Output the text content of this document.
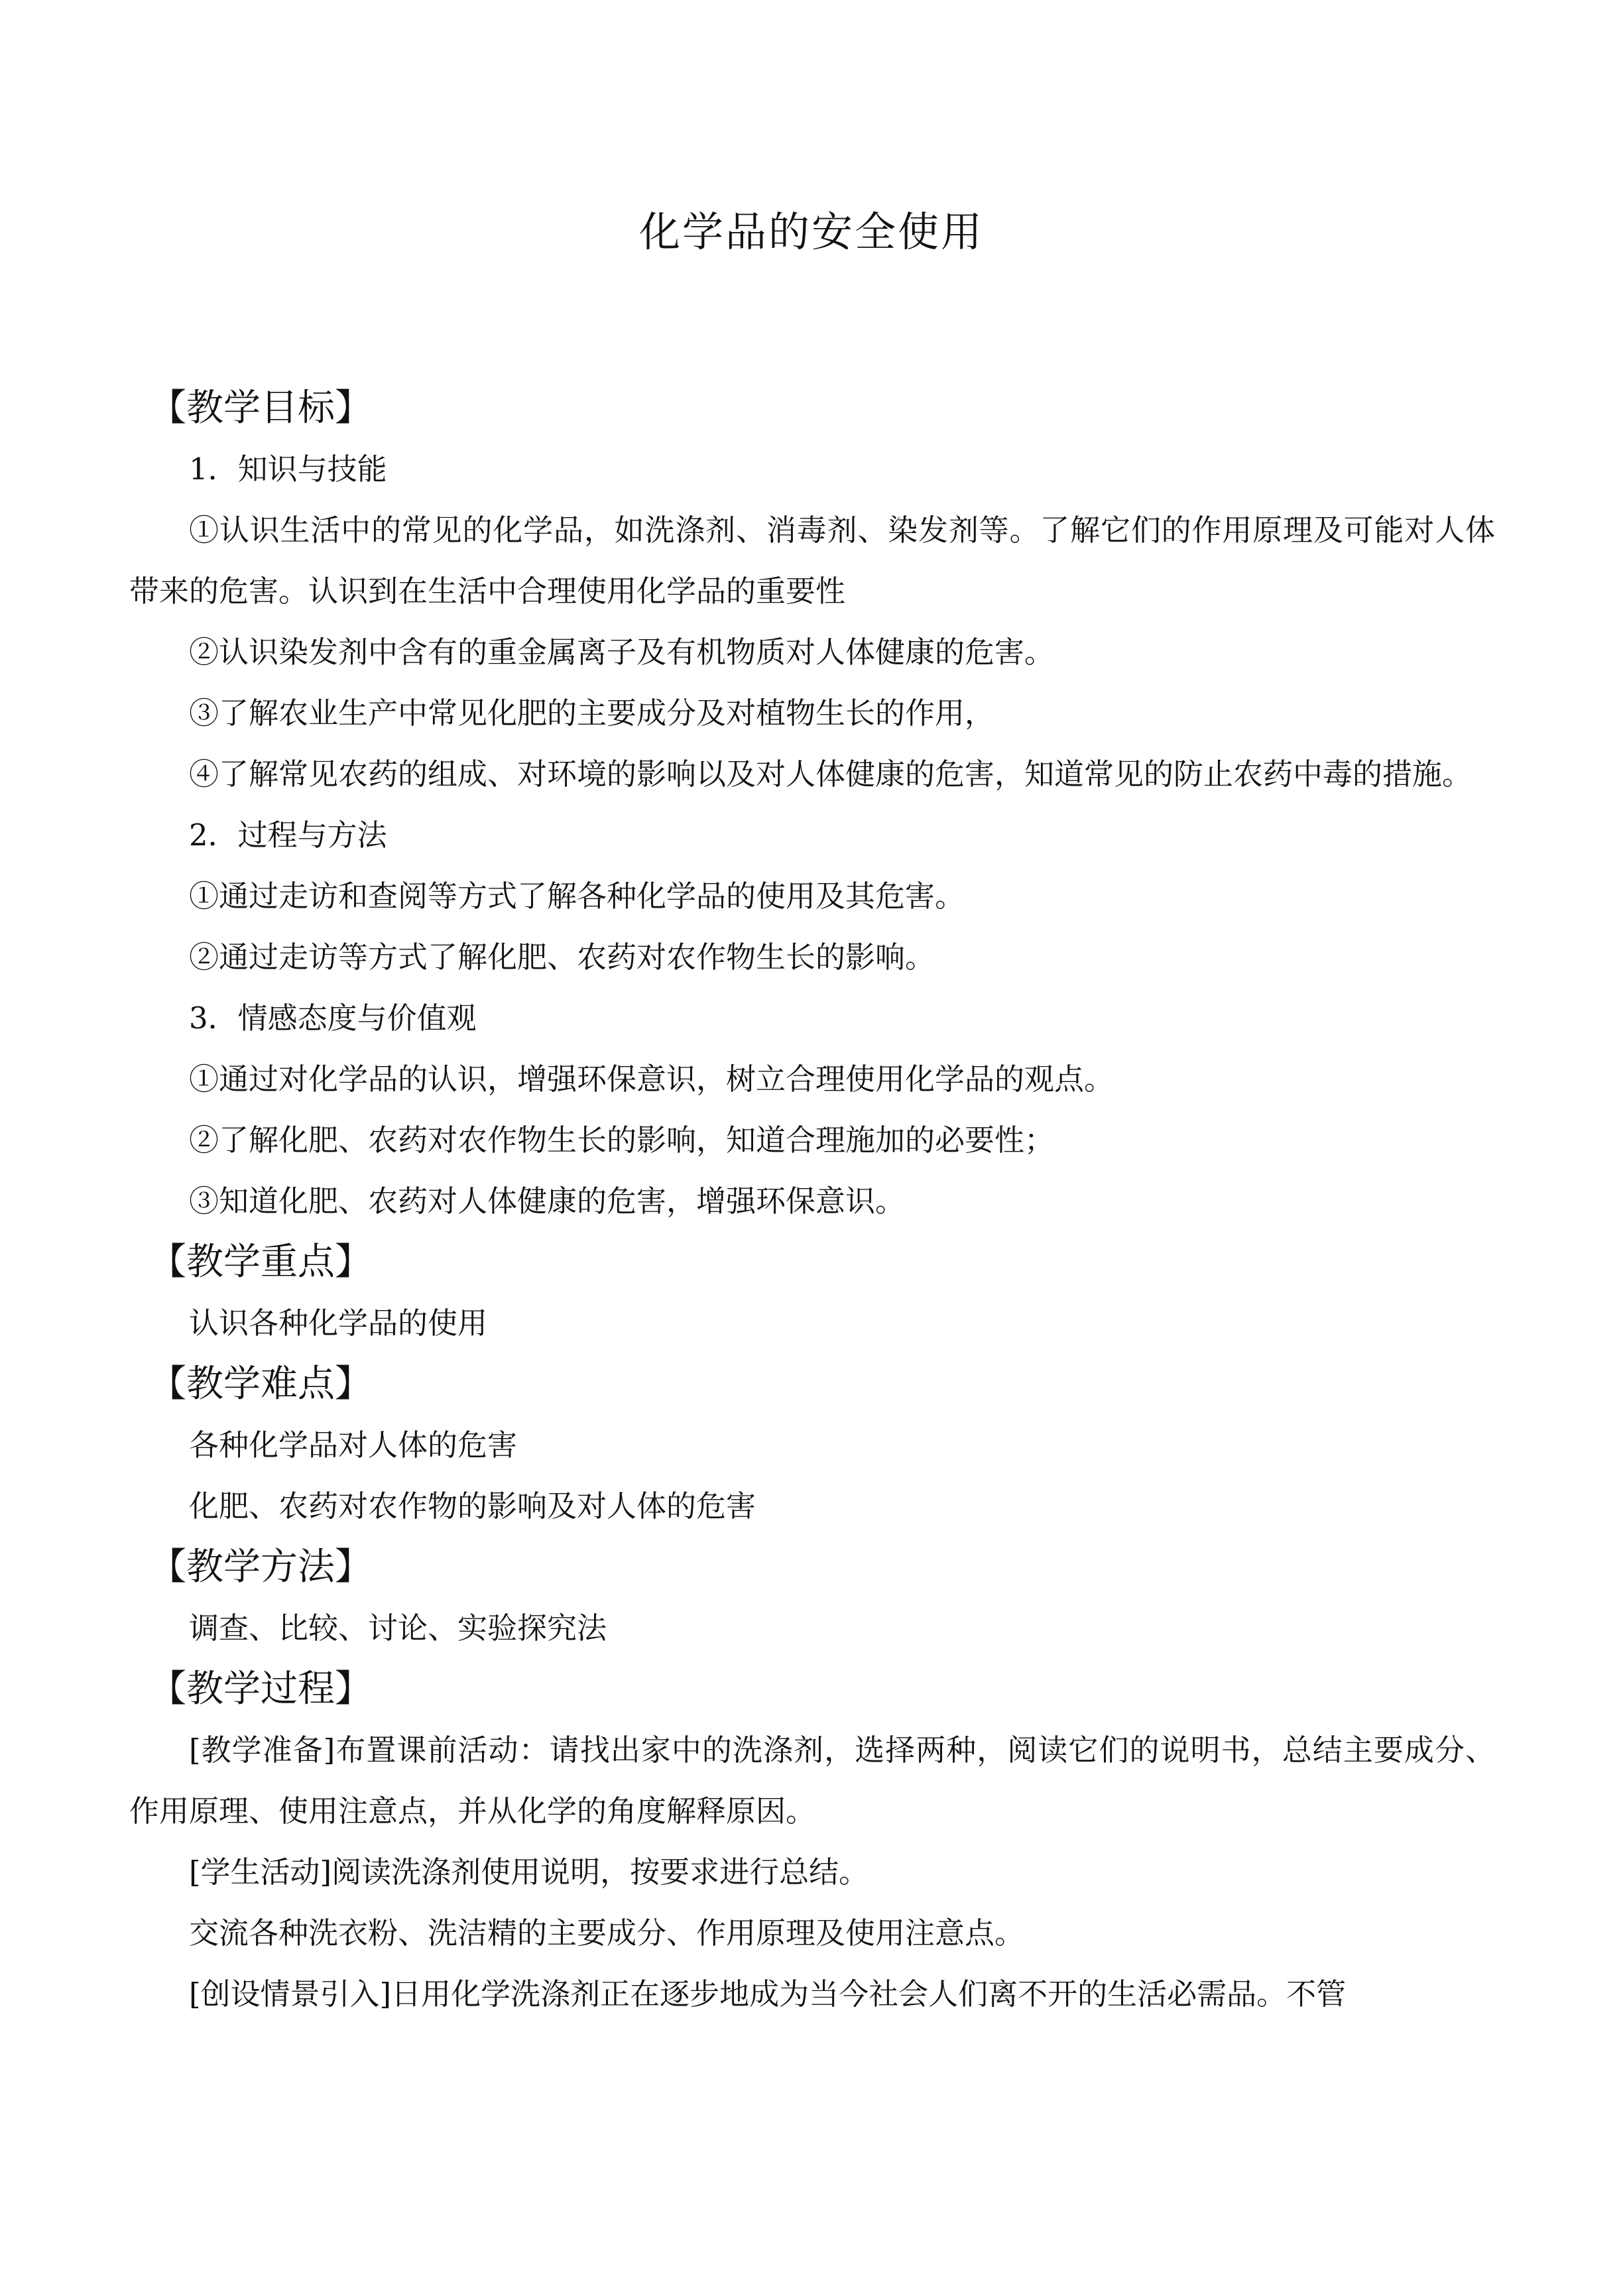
化学品的安全使用
【教学目标】

1．知识与技能

①认识生活中的常见的化学品，如洗涤剂、消毒剂、染发剂等。了解它们的作用原理及可能对人体带来的危害。认识到在生活中合理使用化学品的重要性

②认识染发剂中含有的重金属离子及有机物质对人体健康的危害。

③了解农业生产中常见化肥的主要成分及对植物生长的作用，

④了解常见农药的组成、对环境的影响以及对人体健康的危害，知道常见的防止农药中毒的措施。

2．过程与方法

①通过走访和查阅等方式了解各种化学品的使用及其危害。

②通过走访等方式了解化肥、农药对农作物生长的影响。

3．情感态度与价值观

①通过对化学品的认识，增强环保意识，树立合理使用化学品的观点。

②了解化肥、农药对农作物生长的影响，知道合理施加的必要性；

③知道化肥、农药对人体健康的危害，增强环保意识。

【教学重点】

认识各种化学品的使用

【教学难点】

各种化学品对人体的危害

化肥、农药对农作物的影响及对人体的危害

【教学方法】

调查、比较、讨论、实验探究法

【教学过程】

[教学准备]布置课前活动：请找出家中的洗涤剂，选择两种，阅读它们的说明书，总结主要成分、作用原理、使用注意点，并从化学的角度解释原因。

[学生活动]阅读洗涤剂使用说明，按要求进行总结。

交流各种洗衣粉、洗洁精的主要成分、作用原理及使用注意点。

[创设情景引入]日用化学洗涤剂正在逐步地成为当今社会人们离不开的生活必需品。不管
